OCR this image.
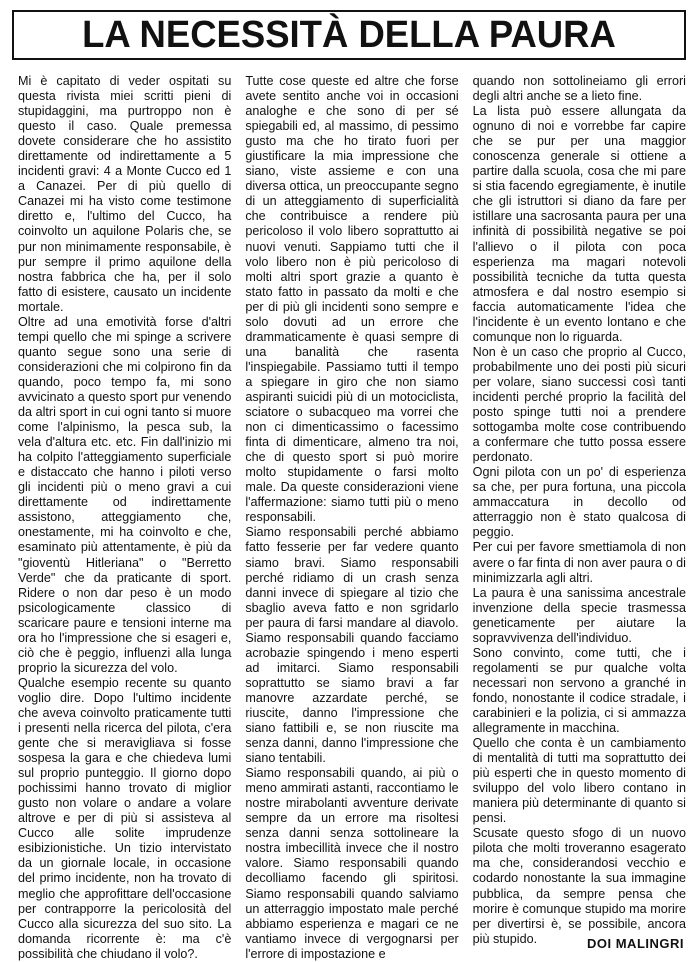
LA NECESSITÀ DELLA PAURA

Mi è capitato di veder ospitati su questa rivista miei scritti pieni di stupidaggini, ma purtroppo non è questo il caso. Quale premessa dovete considerare che ho assistito direttamente od indirettamente a 5 incidenti gravi: 4 a Monte Cucco ed 1 a Canazei. Per di più quello di Canazei mi ha visto come testimone diretto e, l'ultimo del Cucco, ha coinvolto un aquilone Polaris che, se pur non minimamente responsabile, è pur sempre il primo aquilone della nostra fabbrica che ha, per il solo fatto di esistere, causato un incidente mortale.

Oltre ad una emotività forse d'altri tempi quello che mi spinge a scrivere quanto segue sono una serie di considerazioni che mi colpirono fin da quando, poco tempo fa, mi sono avvicinato a questo sport pur venendo da altri sport in cui ogni tanto si muore come l'alpinismo, la pesca sub, la vela d'altura etc. etc. Fin dall'inizio mi ha colpito l'atteggiamento superficiale e distaccato che hanno i piloti verso gli incidenti più o meno gravi a cui direttamente od indirettamente assistono, atteggiamento che, onestamente, mi ha coinvolto e che, esaminato più attentamente, è più da "gioventù Hitleriana" o "Berretto Verde" che da praticante di sport. Ridere o non dar peso è un modo psicologicamente classico di scaricare paure e tensioni interne ma ora ho l'impressione che si esageri e, ciò che è peggio, influenzi alla lunga proprio la sicurezza del volo.

Qualche esempio recente su quanto voglio dire. Dopo l'ultimo incidente che aveva coinvolto praticamente tutti i presenti nella ricerca del pilota, c'era gente che si meravigliava si fosse sospesa la gara e che chiedeva lumi sul proprio punteggio. Il giorno dopo pochissimi hanno trovato di miglior gusto non volare o andare a volare altrove e per di più si assisteva al Cucco alle solite imprudenze esibizionistiche. Un tizio intervistato da un giornale locale, in occasione del primo incidente, non ha trovato di meglio che approfittare dell'occasione per contrapporre la pericolosità del Cucco alla sicurezza del suo sito. La domanda ricorrente è: ma c'è possibilità che chiudano il volo?.

Tutte cose queste ed altre che forse avete sentito anche voi in occasioni analoghe e che sono di per sé spiegabili ed, al massimo, di pessimo gusto ma che ho tirato fuori per giustificare la mia impressione che siano, viste assieme e con una diversa ottica, un preoccupante segno di un atteggiamento di superficialità che contribuisce a rendere più pericoloso il volo libero soprattutto ai nuovi venuti. Sappiamo tutti che il volo libero non è più pericoloso di molti altri sport grazie a quanto è stato fatto in passato da molti e che per di più gli incidenti sono sempre e solo dovuti ad un errore che drammaticamente è quasi sempre di una banalità che rasenta l'inspiegabile. Passiamo tutti il tempo a spiegare in giro che non siamo aspiranti suicidi più di un motociclista, sciatore o subacqueo ma vorrei che non ci dimenticassimo o facessimo finta di dimenticare, almeno tra noi, che di questo sport si può morire molto stupidamente o farsi molto male. Da queste considerazioni viene l'affermazione: siamo tutti più o meno responsabili.

Siamo responsabili perché abbiamo fatto fesserie per far vedere quanto siamo bravi. Siamo responsabili perché ridiamo di un crash senza danni invece di spiegare al tizio che sbaglio aveva fatto e non sgridarlo per paura di farsi mandare al diavolo. Siamo responsabili quando facciamo acrobazie spingendo i meno esperti ad imitarci. Siamo responsabili soprattutto se siamo bravi a far manovre azzardate perché, se riuscite, danno l'impressione che siano fattibili e, se non riuscite ma senza danni, danno l'impressione che siano tentabili.

Siamo responsabili quando, ai più o meno ammirati astanti, raccontiamo le nostre mirabolanti avventure derivate sempre da un errore ma risoltesi senza danni senza sottolineare la nostra imbecillità invece che il nostro valore. Siamo responsabili quando decolliamo facendo gli spiritosi. Siamo responsabili quando salviamo un atterraggio impostato male perché abbiamo esperienza e magari ce ne vantiamo invece di vergognarsi per l'errore di impostazione e

quando non sottolineiamo gli errori degli altri anche se a lieto fine.

La lista può essere allungata da ognuno di noi e vorrebbe far capire che se pur per una maggior conoscenza generale si ottiene a partire dalla scuola, cosa che mi pare si stia facendo egregiamente, è inutile che gli istruttori si diano da fare per istillare una sacrosanta paura per una infinità di possibilità negative se poi l'allievo o il pilota con poca esperienza ma magari notevoli possibilità tecniche da tutta questa atmosfera e dal nostro esempio si faccia automaticamente l'idea che l'incidente è un evento lontano e che comunque non lo riguarda.

Non è un caso che proprio al Cucco, probabilmente uno dei posti più sicuri per volare, siano successi così tanti incidenti perché proprio la facilità del posto spinge tutti noi a prendere sottogamba molte cose contribuendo a confermare che tutto possa essere perdonato.

Ogni pilota con un po' di esperienza sa che, per pura fortuna, una piccola ammaccatura in decollo od atterraggio non è stato qualcosa di peggio.

Per cui per favore smettiamola di non avere o far finta di non aver paura o di minimizzarla agli altri.

La paura è una sanissima ancestrale invenzione della specie trasmessa geneticamente per aiutare la sopravvivenza dell'individuo.

Sono convinto, come tutti, che i regolamenti se pur qualche volta necessari non servono a granché in fondo, nonostante il codice stradale, i carabinieri e la polizia, ci si ammazza allegramente in macchina.

Quello che conta è un cambiamento di mentalità di tutti ma soprattutto dei più esperti che in questo momento di sviluppo del volo libero contano in maniera più determinante di quanto si pensi.

Scusate questo sfogo di un nuovo pilota che molti troveranno esagerato ma che, considerandosi vecchio e codardo nonostante la sua immagine pubblica, da sempre pensa che morire è comunque stupido ma morire per divertirsi è, se possibile, ancora più stupido.	DOI MALINGRI
